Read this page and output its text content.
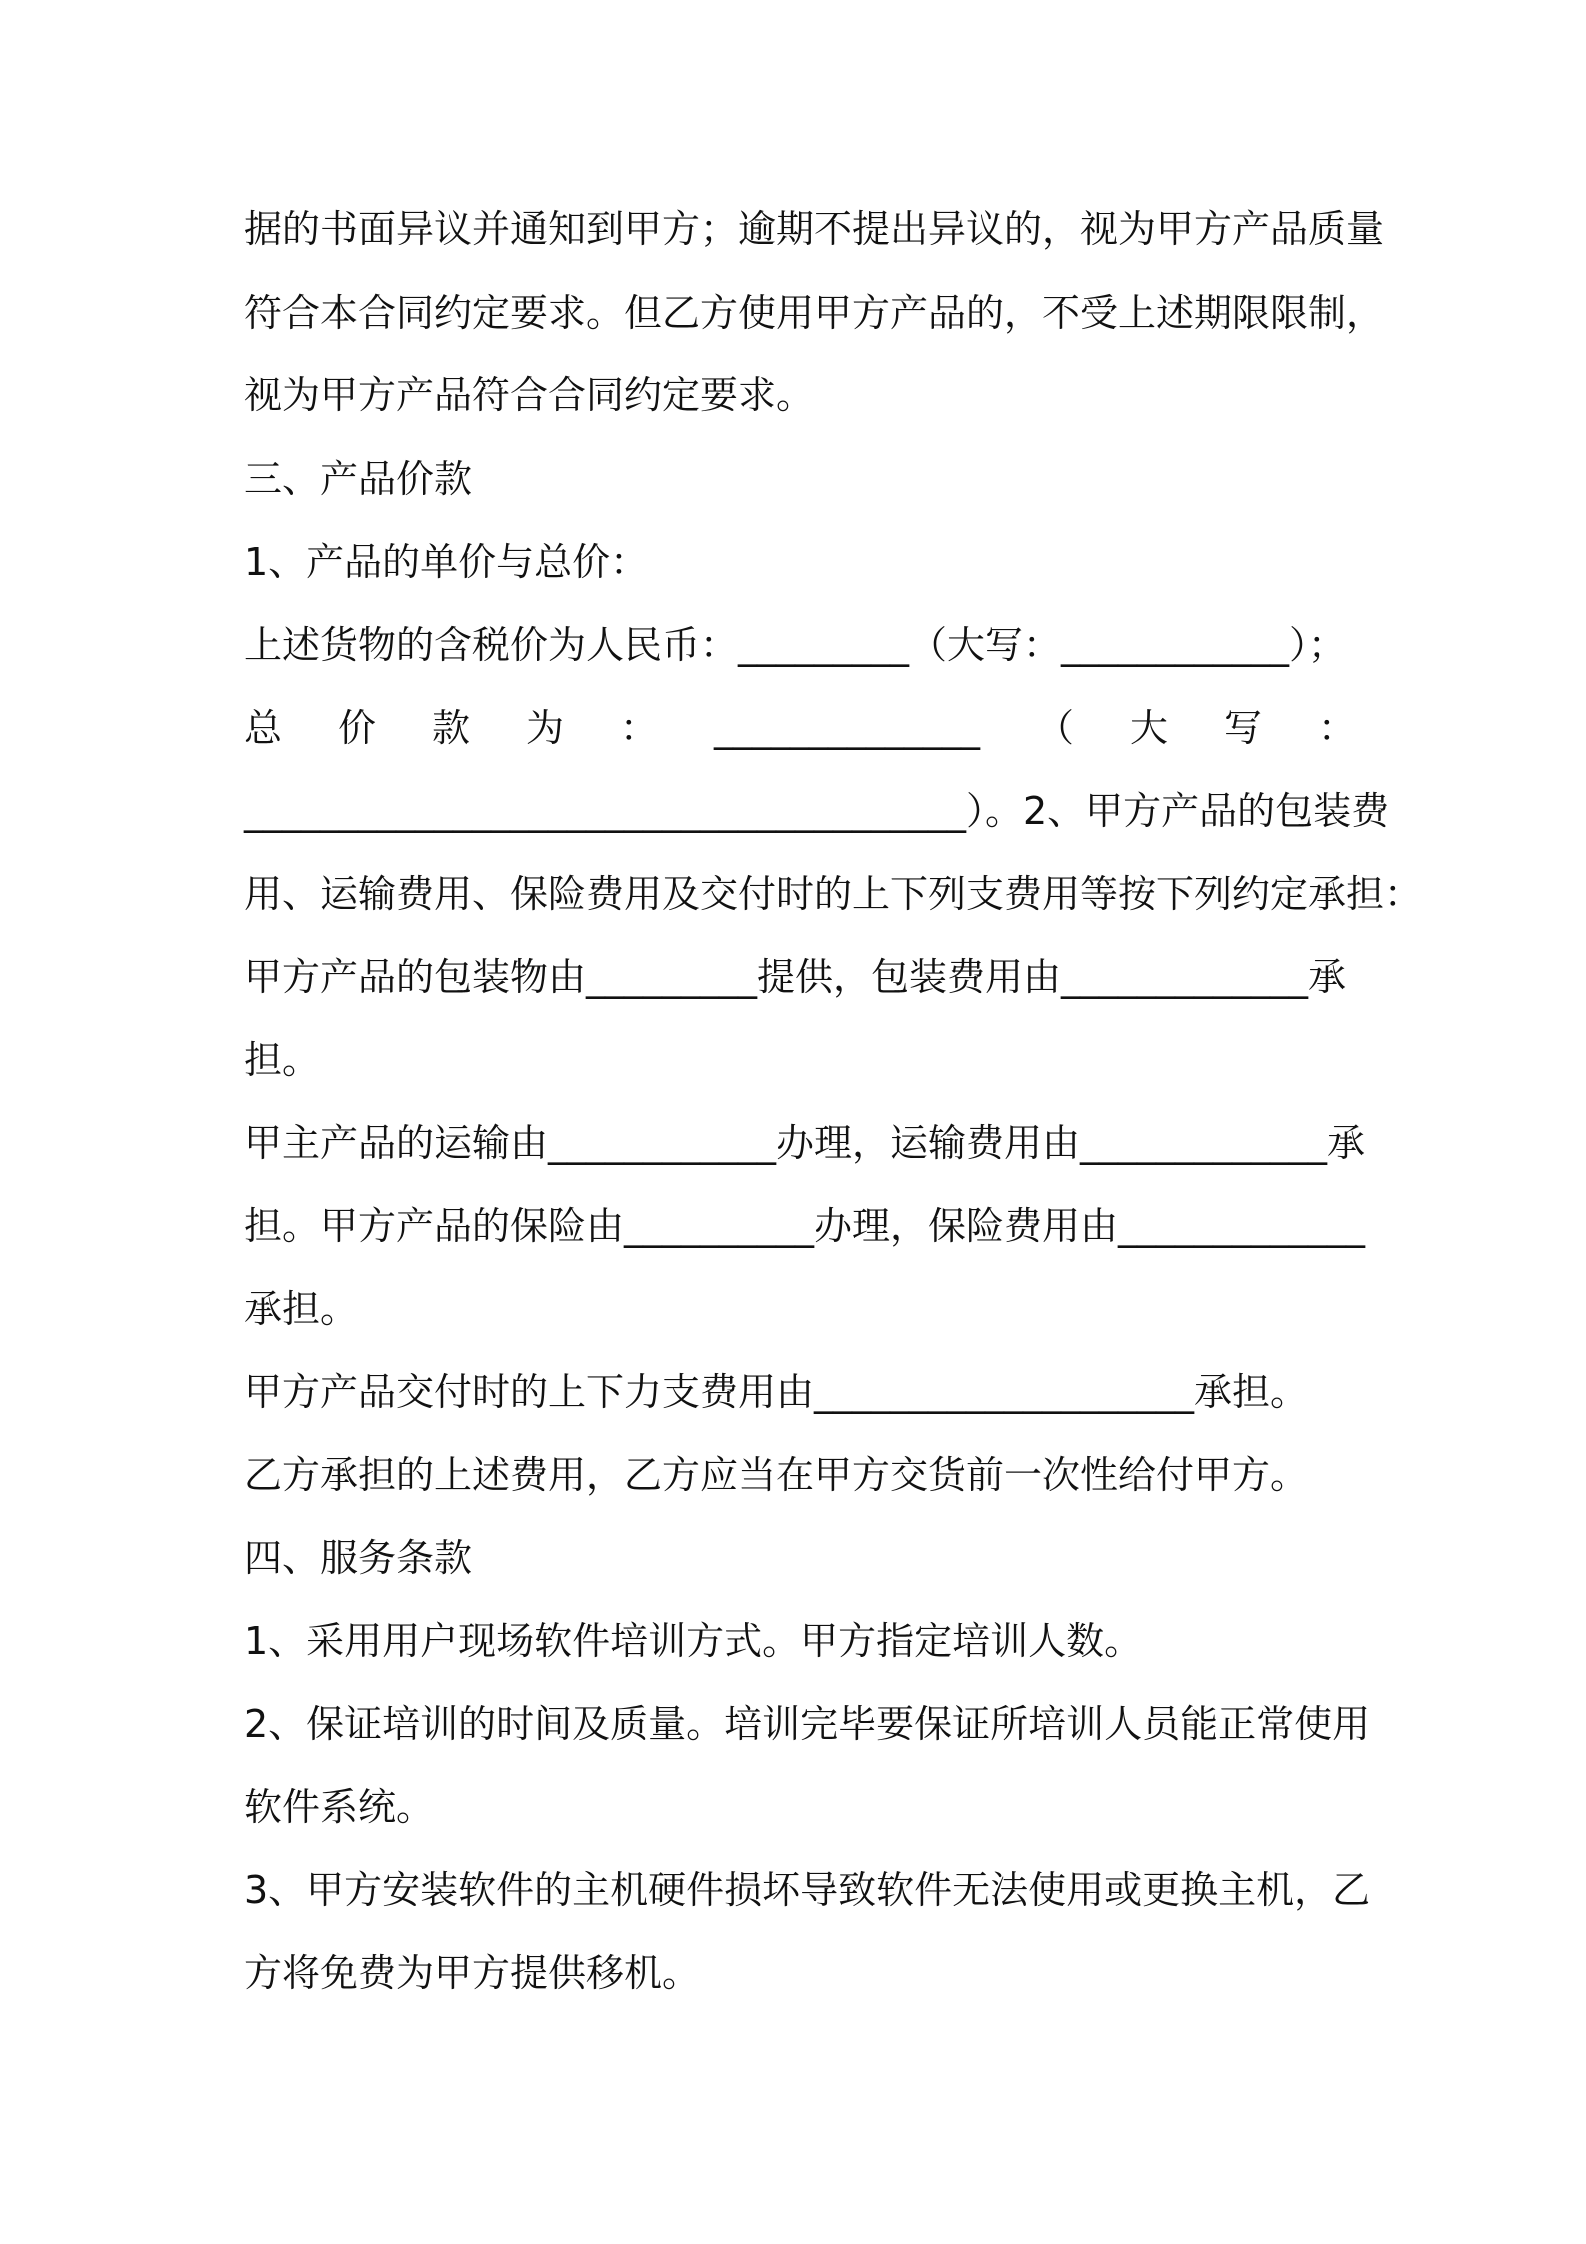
据的书面异议并通知到甲方；逾期不提出异议的，视为甲方产品质量

符合本合同约定要求。但乙方使用甲方产品的，不受上述期限限制，

视为甲方产品符合合同约定要求。

三、产品价款

1、产品的单价与总价：

上述货物的含税价为人民币：_________（大写：____________）；

总 价 款 为 ： ______________ （ 大 写 ：

______________________________________）。2、甲方产品的包装费

用、运输费用、保险费用及交付时的上下列支费用等按下列约定承担：

甲方产品的包装物由_________提供，包装费用由_____________承

担。

甲主产品的运输由____________办理，运输费用由_____________承

担。甲方产品的保险由__________办理，保险费用由_____________

承担。

甲方产品交付时的上下力支费用由____________________承担。

乙方承担的上述费用，乙方应当在甲方交货前一次性给付甲方。

四、服务条款

1、采用用户现场软件培训方式。甲方指定培训人数。

2、保证培训的时间及质量。培训完毕要保证所培训人员能正常使用

软件系统。

3、甲方安装软件的主机硬件损坏导致软件无法使用或更换主机，乙

方将免费为甲方提供移机。
